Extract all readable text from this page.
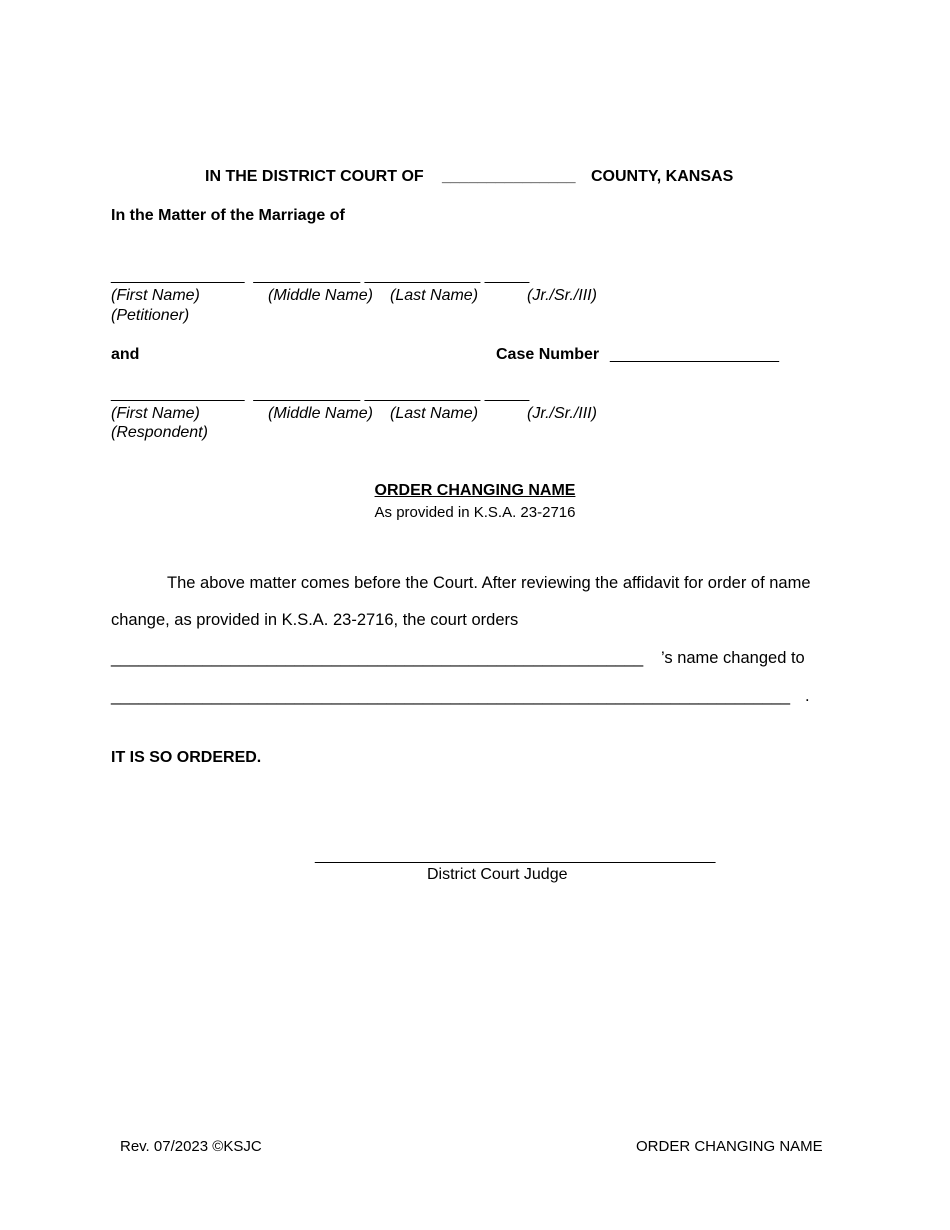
IN THE DISTRICT COURT OF _______________ COUNTY, KANSAS
In the Matter of the Marriage of
_______________  ____________ _____________ _____
(First Name)	(Middle Name) (Last Name)	(Jr./Sr./III)
(Petitioner)
and	Case Number ___________________
_______________  ____________ _____________ _____
(First Name)	(Middle Name) (Last Name)	(Jr./Sr./III)
(Respondent)
ORDER CHANGING NAME
As provided in K.S.A. 23-2716
The above matter comes before the Court. After reviewing the affidavit for order of name
change, as provided in K.S.A. 23-2716, the court orders
__________________________________________________________ ’s name changed to
__________________________________________________________________________ .
IT IS SO ORDERED.
_____________________________________________
District Court Judge
Rev. 07/2023 ©KSJC	ORDER CHANGING NAME
